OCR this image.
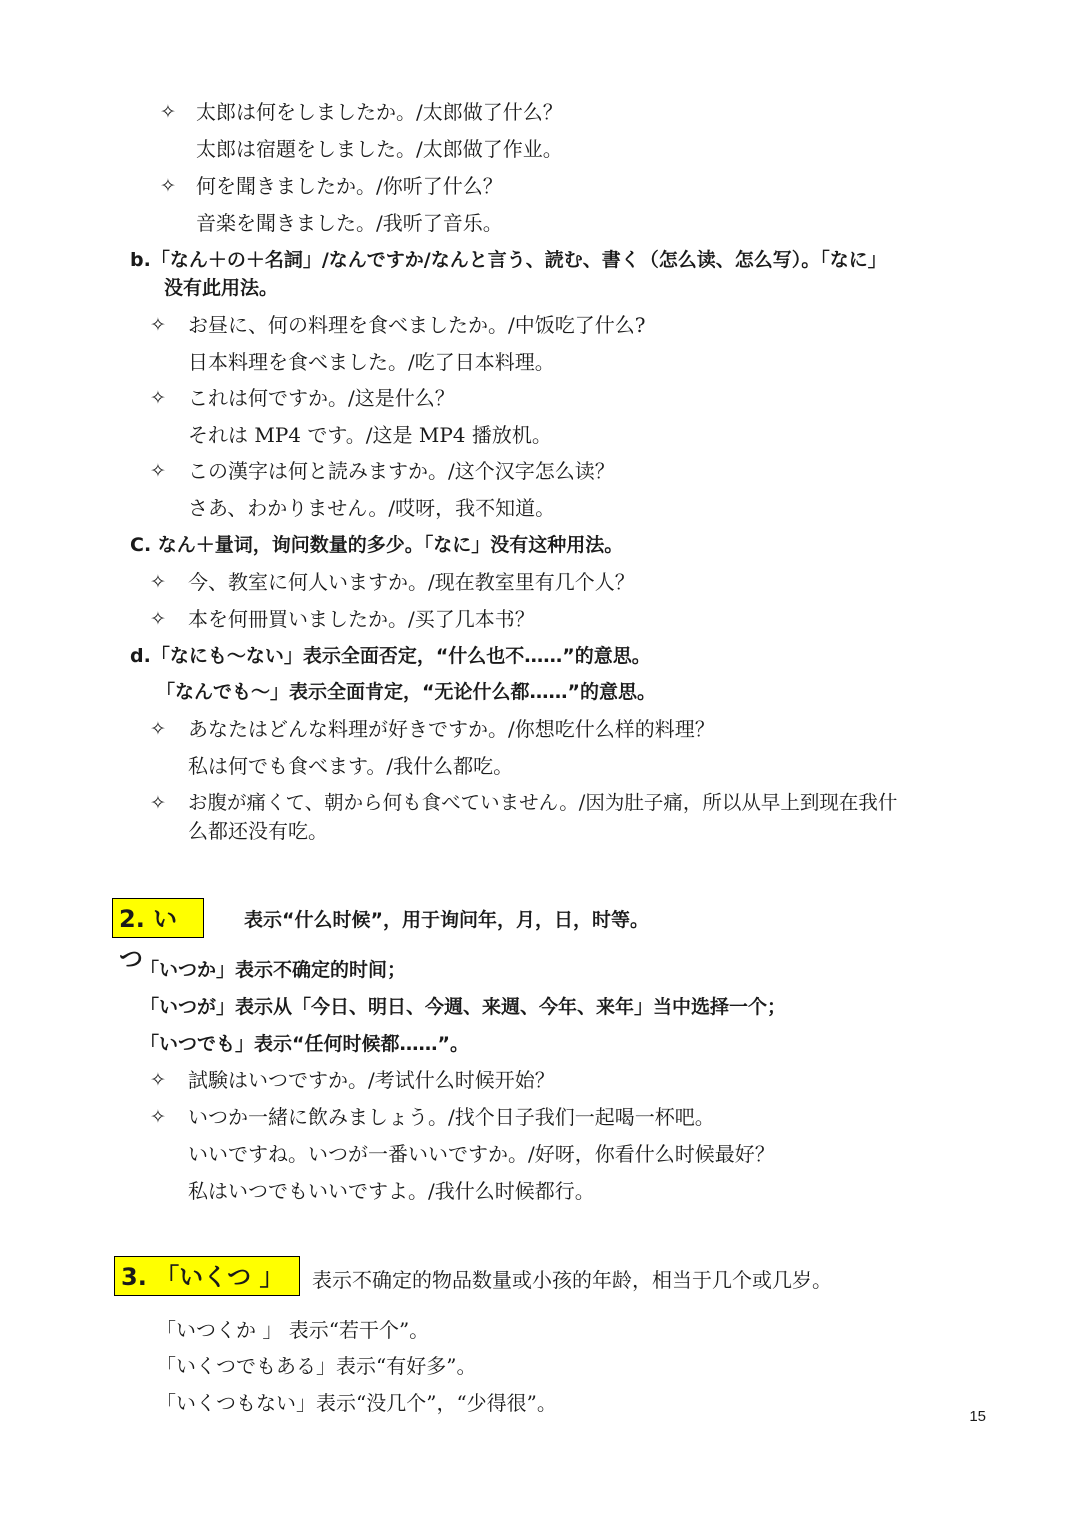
✧ 太郎は何をしましたか。/太郎做了什么？
太郎は宿題をしました。/太郎做了作业。
✧ 何を聞きましたか。/你听了什么？
音楽を聞きました。/我听了音乐。
b.「なん＋の＋名詞」/なんですか/なんと言う、読む、書く（怎么读、怎么写）。「なに」
没有此用法。
✧ お昼に、何の料理を食べましたか。/中饭吃了什么?
日本料理を食べました。/吃了日本料理。
✧ これは何ですか。/这是什么？
それは MP4 です。/这是 MP4 播放机。
✧ この漢字は何と読みますか。/这个汉字怎么读？
さあ、わかりません。/哎呀，我不知道。
C. なん＋量词，询问数量的多少。「なに」没有这种用法。
✧ 今、教室に何人いますか。/现在教室里有几个人？
✧ 本を何冊買いましたか。/买了几本书？
d.「なにも～ない」表示全面否定，“什么也不……”的意思。
「なんでも～」表示全面肯定，“无论什么都……”的意思。
✧ あなたはどんな料理が好きですか。/你想吃什么样的料理？
私は何でも食べます。/我什么都吃。
✧ お腹が痛くて、朝から何も食べていません。/因为肚子痛，所以从早上到现在我什
么都还没有吃。
2. いつ
表示“什么时候”，用于询问年，月，日，时等。
「いつか」表示不确定的时间；
「いつが」表示从「今日、明日、今週、来週、今年、来年」当中选择一个；
「いつでも」表示“任何时候都……”。
✧ 試験はいつですか。/考试什么时候开始？
✧ いつか一緒に飲みましょう。/找个日子我们一起喝一杯吧。
いいですね。いつが一番いいですか。/好呀，你看什么时候最好？
私はいつでもいいですよ。/我什么时候都行。
3. 「いくつ 」	表示不确定的物品数量或小孩的年龄，相当于几个或几岁。
「いつくか 」 表示“若干个”。
「いくつでもある」表示“有好多”。
「いくつもない」表示“没几个”，“少得很”。
15
